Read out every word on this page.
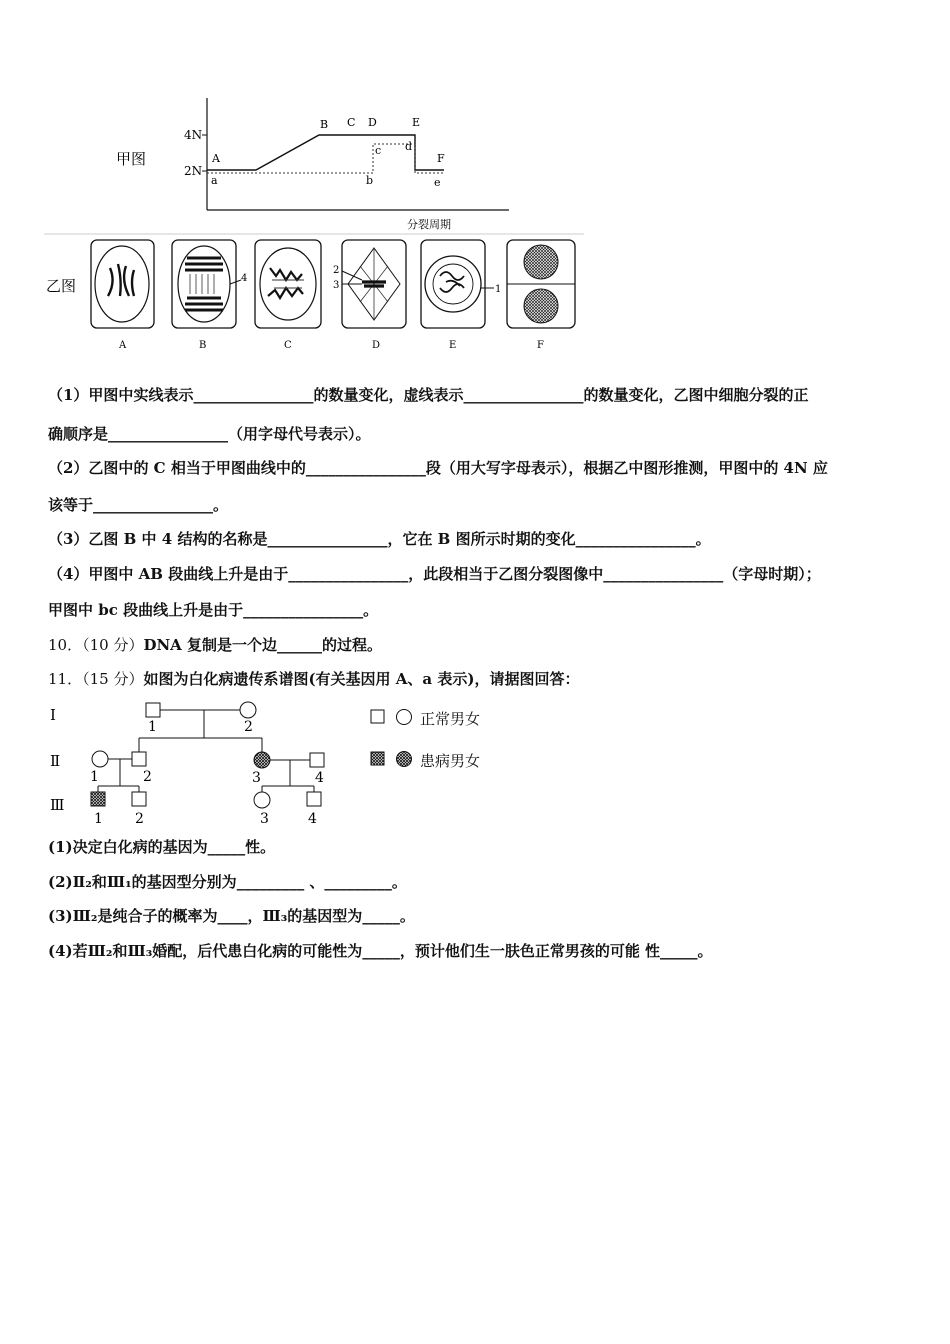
甲图
4N
2N
A
B C D	E
F
a	b
c d
e
分裂周期
乙图
A
4
B	C
2
3
D
1
E	F
（1）甲图中实线表示________________的数量变化，虚线表示________________的数量变化，乙图中细胞分裂的正
确顺序是________________（用字母代号表示）。
（2）乙图中的 C 相当于甲图曲线中的________________段（用大写字母表示），根据乙中图形推测，甲图中的 4N 应
该等于________________。
（3）乙图 B 中 4 结构的名称是________________，它在 B 图所示时期的变化________________。
（4）甲图中 AB 段曲线上升是由于________________，此段相当于乙图分裂图像中________________（字母时期）；
甲图中 bc 段曲线上升是由于________________。
10．（10 分）DNA 复制是一个边______的过程。
11．（15 分）如图为白化病遗传系谱图(有关基因用 A、a 表示)，请据图回答：
Ⅰ
Ⅱ
Ⅲ
1	2
1	2	3	4
1 2	3	4
正常男女
患病男女
(1)决定白化病的基因为_____性。
(2)Ⅱ₂和Ⅲ₁的基因型分别为_________ 、_________。
(3)Ⅲ₂是纯合子的概率为____，Ⅲ₃的基因型为_____。
(4)若Ⅲ₂和Ⅲ₃婚配，后代患白化病的可能性为_____，预计他们生一肤色正常男孩的可能 性_____。
